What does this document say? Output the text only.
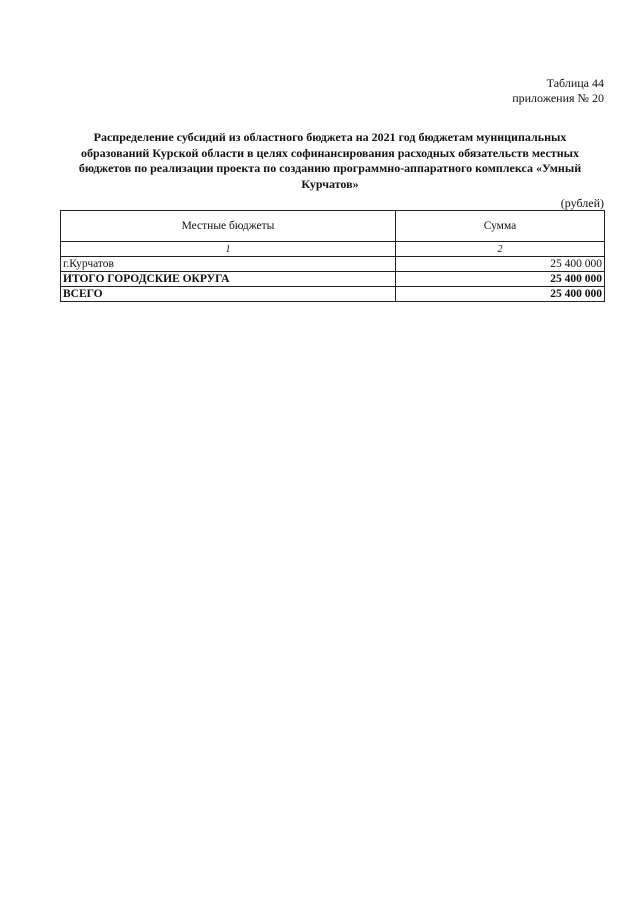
Таблица 44
приложения № 20
Распределение субсидий из областного бюджета на 2021 год бюджетам муниципальных образований Курской области в целях софинансирования расходных обязательств местных бюджетов по реализации проекта по созданию программно-аппаратного комплекса «Умный Курчатов»
(рублей)
Местные бюджеты	Сумма
1	2
г.Курчатов	25 400 000
ИТОГО ГОРОДСКИЕ ОКРУГА	25 400 000
ВСЕГО	25 400 000
